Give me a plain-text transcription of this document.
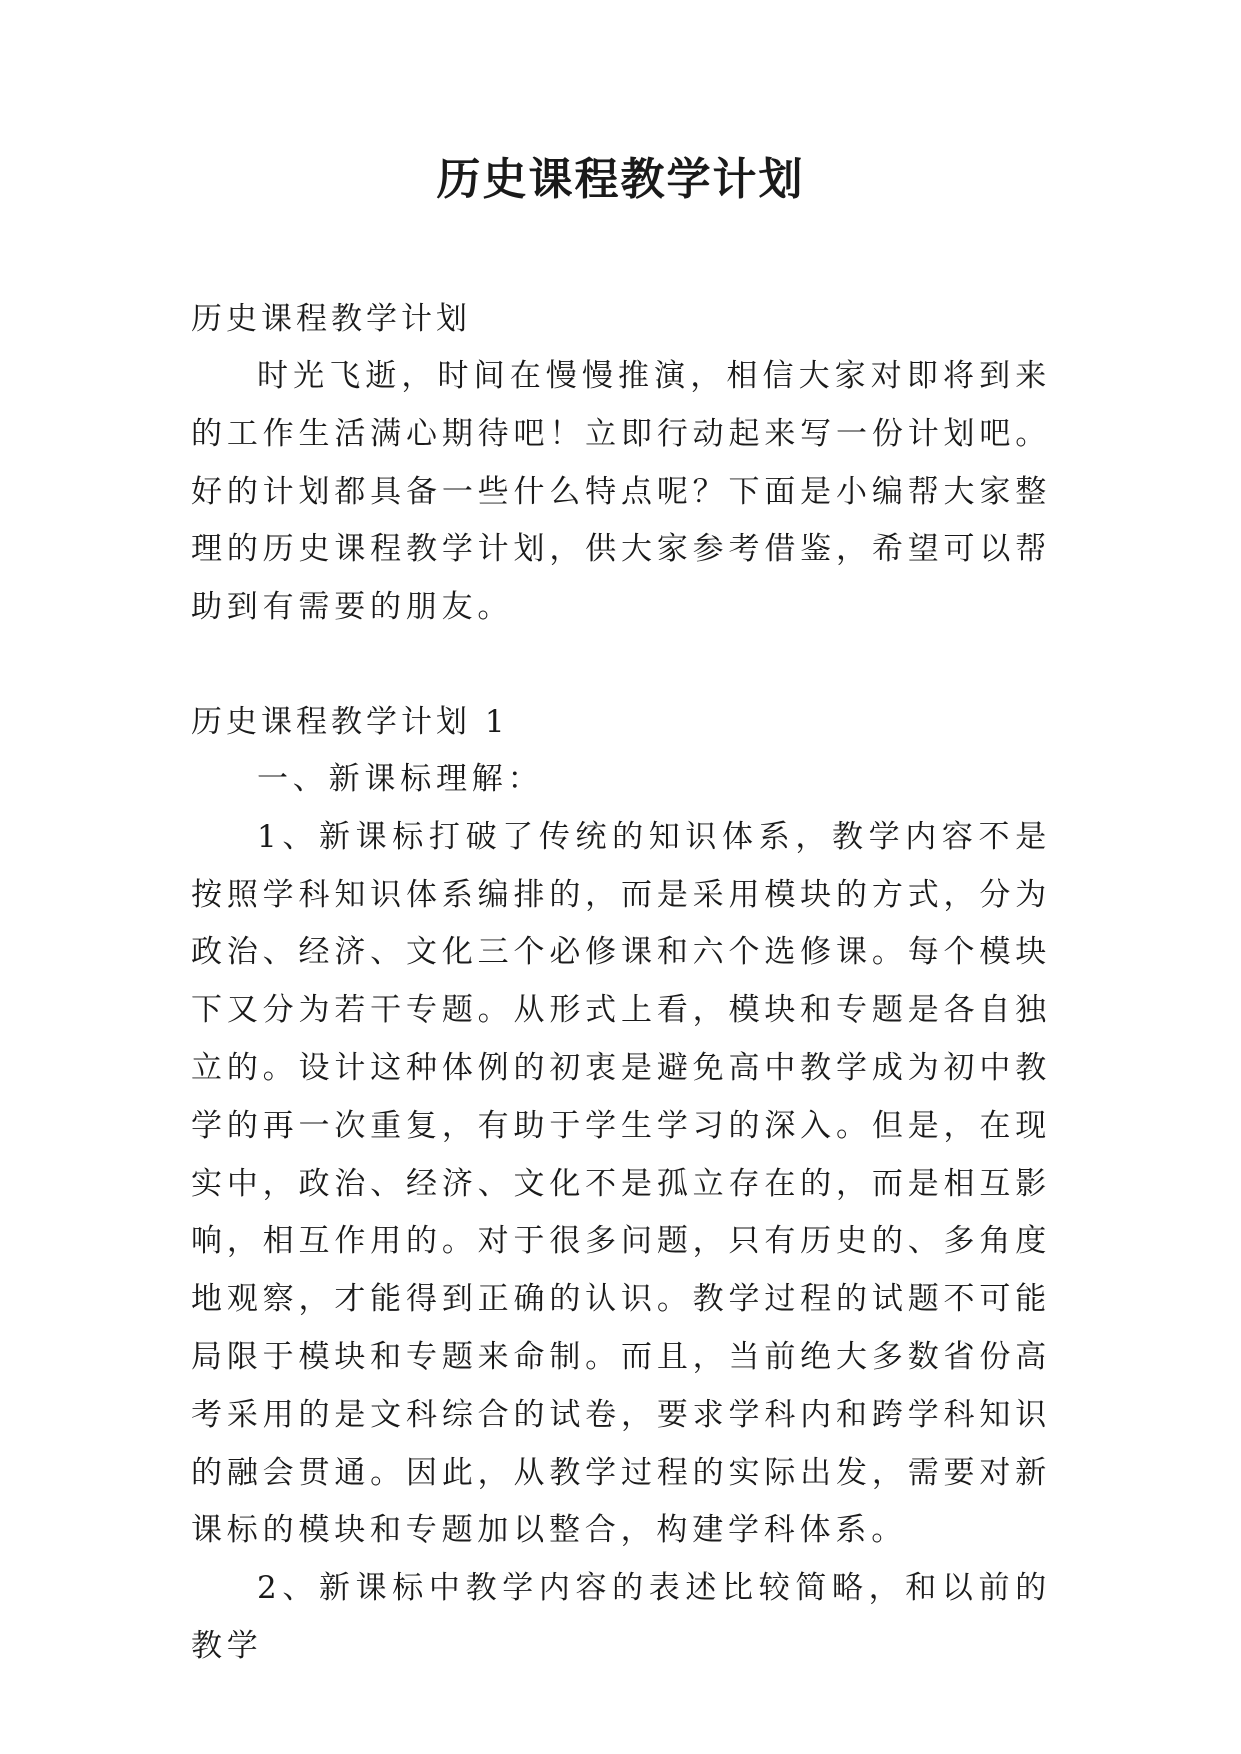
历史课程教学计划

历史课程教学计划

时光飞逝，时间在慢慢推演，相信大家对即将到来的工作生活满心期待吧！立即行动起来写一份计划吧。好的计划都具备一些什么特点呢？下面是小编帮大家整理的历史课程教学计划，供大家参考借鉴，希望可以帮助到有需要的朋友。

历史课程教学计划 1

一、新课标理解：

1、新课标打破了传统的知识体系，教学内容不是按照学科知识体系编排的，而是采用模块的方式，分为政治、经济、文化三个必修课和六个选修课。每个模块下又分为若干专题。从形式上看，模块和专题是各自独立的。设计这种体例的初衷是避免高中教学成为初中教学的再一次重复，有助于学生学习的深入。但是，在现实中，政治、经济、文化不是孤立存在的，而是相互影响，相互作用的。对于很多问题，只有历史的、多角度地观察，才能得到正确的认识。教学过程的试题不可能局限于模块和专题来命制。而且，当前绝大多数省份高考采用的是文科综合的试卷，要求学科内和跨学科知识的融会贯通。因此，从教学过程的实际出发，需要对新课标的模块和专题加以整合，构建学科体系。

2、新课标中教学内容的表述比较简略，和以前的教学
